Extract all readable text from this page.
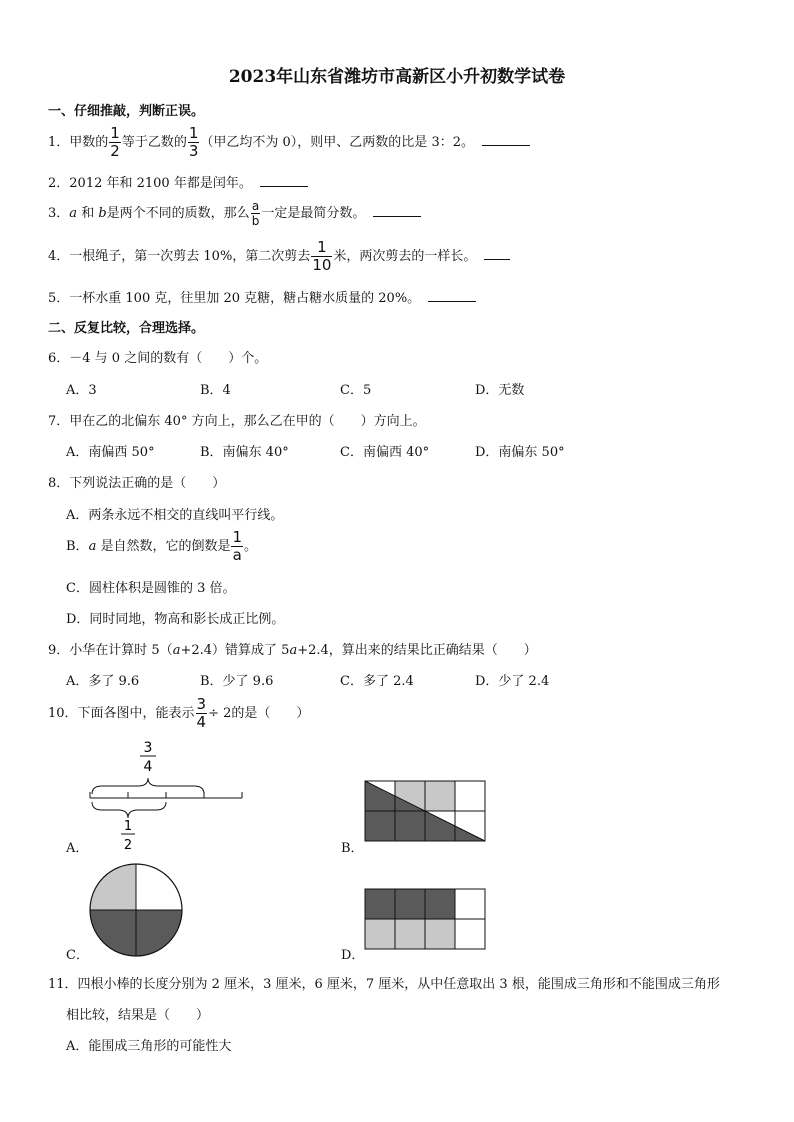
2023年山东省潍坊市高新区小升初数学试卷
一、仔细推敲，判断正误。
1．甲数的 $\frac{1}{2}$ 等于乙数的 $\frac{1}{3}$ （甲乙均不为 0），则甲、乙两数的比是 3：2。
2．2012 年和 2100 年都是闰年。
3．a 和 b是两个不同的质数，那么 $\frac{a}{b}$ 一定是最简分数。
4．一根绳子，第一次剪去 10%，第二次剪去 $\frac{1}{10}$ 米，两次剪去的一样长。
5．一杯水重 100 克，往里加 20 克糖，糖占糖水质量的 20%。
二、反复比较，合理选择。
6．－4 与 0 之间的数有（　　）个。
A．3	B．4	C．5	D．无数
7．甲在乙的北偏东 40° 方向上，那么乙在甲的（　　）方向上。
A．南偏西 50°	B．南偏东 40°	C．南偏西 40°	D．南偏东 50°
8．下列说法正确的是（　　）
A．两条永远不相交的直线叫平行线。
B．a 是自然数，它的倒数是 $\frac{1}{a}$ 。
C．圆柱体积是圆锥的 3 倍。
D．同时同地，物高和影长成正比例。
9．小华在计算时 5（a+2.4）错算成了 5a+2.4，算出来的结果比正确结果（　　）
A．多了 9.6	B．少了 9.6	C．多了 2.4	D．少了 2.4
10．下面各图中，能表示 $\frac{3}{4} \div 2$的是（　　）
A．
3
4
1
2	B．
C．	D．
11．四根小棒的长度分别为 2 厘米，3 厘米，6 厘米，7 厘米，从中任意取出 3 根，能围成三角形和不能围成三角形
相比较，结果是（　　）
A．能围成三角形的可能性大
